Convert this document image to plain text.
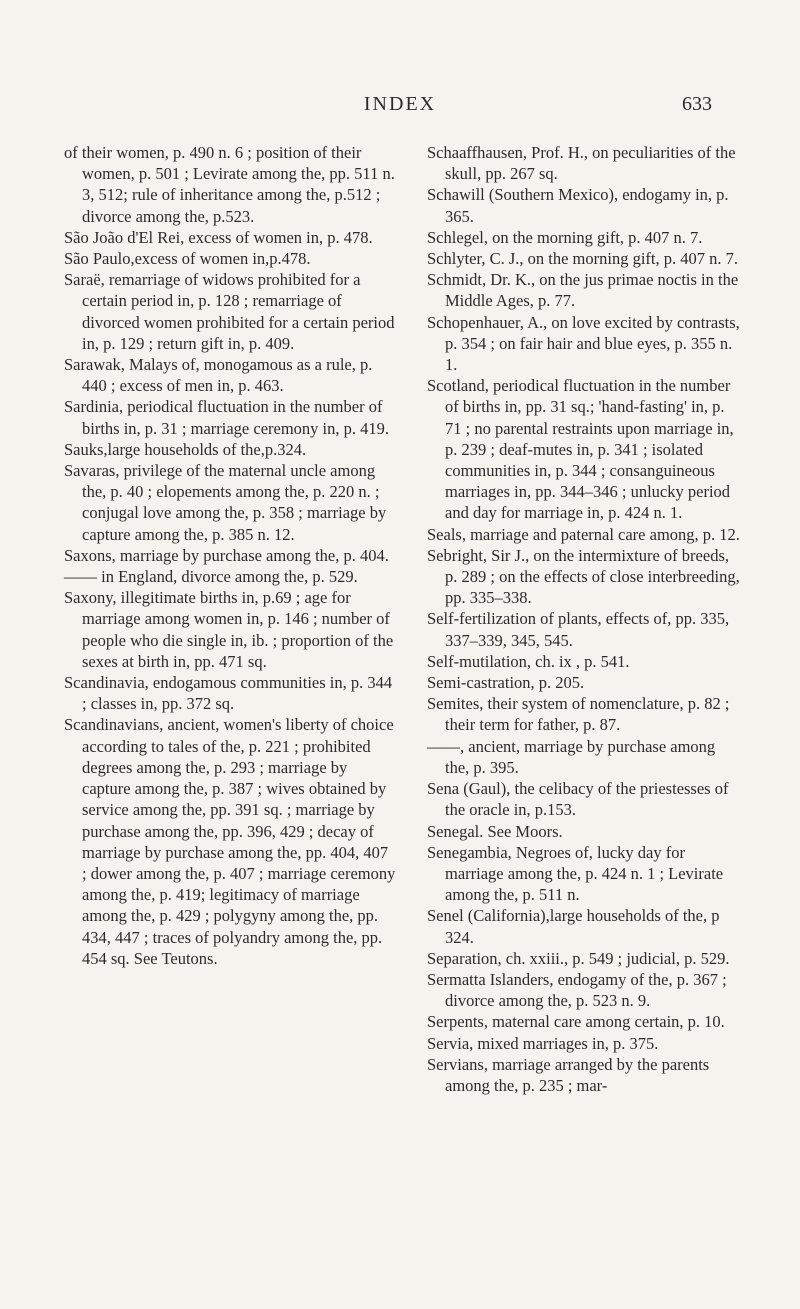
INDEX	633

of their women, p. 490 n. 6 ; position of their women, p. 501 ; Levirate among the, pp. 511 n. 3, 512; rule of inheritance among the, p.512 ; divorce among the, p.523.

São João d'El Rei, excess of women in, p. 478.

São Paulo,excess of women in,p.478.

Saraë, remarriage of widows prohibited for a certain period in, p. 128 ; remarriage of divorced women prohibited for a certain period in, p. 129 ; return gift in, p. 409.

Sarawak, Malays of, monogamous as a rule, p. 440 ; excess of men in, p. 463.

Sardinia, periodical fluctuation in the number of births in, p. 31 ; marriage ceremony in, p. 419.

Sauks,large households of the,p.324.

Savaras, privilege of the maternal uncle among the, p. 40 ; elopements among the, p. 220 n. ; conjugal love among the, p. 358 ; marriage by capture among the, p. 385 n. 12.

Saxons, marriage by purchase among the, p. 404.

—— in England, divorce among the, p. 529.

Saxony, illegitimate births in, p.69 ; age for marriage among women in, p. 146 ; number of people who die single in, ib. ; proportion of the sexes at birth in, pp. 471 sq.

Scandinavia, endogamous communities in, p. 344 ; classes in, pp. 372 sq.

Scandinavians, ancient, women's liberty of choice according to tales of the, p. 221 ; prohibited degrees among the, p. 293 ; marriage by capture among the, p. 387 ; wives obtained by service among the, pp. 391 sq. ; marriage by purchase among the, pp. 396, 429 ; decay of marriage by purchase among the, pp. 404, 407 ; dower among the, p. 407 ; marriage ceremony among the, p. 419; legitimacy of marriage among the, p. 429 ; polygyny among the, pp. 434, 447 ; traces of polyandry among the, pp. 454 sq. See Teutons.

Schaaffhausen, Prof. H., on peculiarities of the skull, pp. 267 sq.

Schawill (Southern Mexico), endogamy in, p. 365.

Schlegel, on the morning gift, p. 407 n. 7.

Schlyter, C. J., on the morning gift, p. 407 n. 7.

Schmidt, Dr. K., on the jus primae noctis in the Middle Ages, p. 77.

Schopenhauer, A., on love excited by contrasts, p. 354 ; on fair hair and blue eyes, p. 355 n. 1.

Scotland, periodical fluctuation in the number of births in, pp. 31 sq.; 'hand-fasting' in, p. 71 ; no parental restraints upon marriage in, p. 239 ; deaf-mutes in, p. 341 ; isolated communities in, p. 344 ; consanguineous marriages in, pp. 344–346 ; unlucky period and day for marriage in, p. 424 n. 1.

Seals, marriage and paternal care among, p. 12.

Sebright, Sir J., on the intermixture of breeds, p. 289 ; on the effects of close interbreeding, pp. 335–338.

Self-fertilization of plants, effects of, pp. 335, 337–339, 345, 545.

Self-mutilation, ch. ix , p. 541.

Semi-castration, p. 205.

Semites, their system of nomenclature, p. 82 ; their term for father, p. 87.

——, ancient, marriage by purchase among the, p. 395.

Sena (Gaul), the celibacy of the priestesses of the oracle in, p.153.

Senegal. See Moors.

Senegambia, Negroes of, lucky day for marriage among the, p. 424 n. 1 ; Levirate among the, p. 511 n.

Senel (California),large households of the, p 324.

Separation, ch. xxiii., p. 549 ; judicial, p. 529.

Sermatta Islanders, endogamy of the, p. 367 ; divorce among the, p. 523 n. 9.

Serpents, maternal care among certain, p. 10.

Servia, mixed marriages in, p. 375.

Servians, marriage arranged by the parents among the, p. 235 ; mar-
